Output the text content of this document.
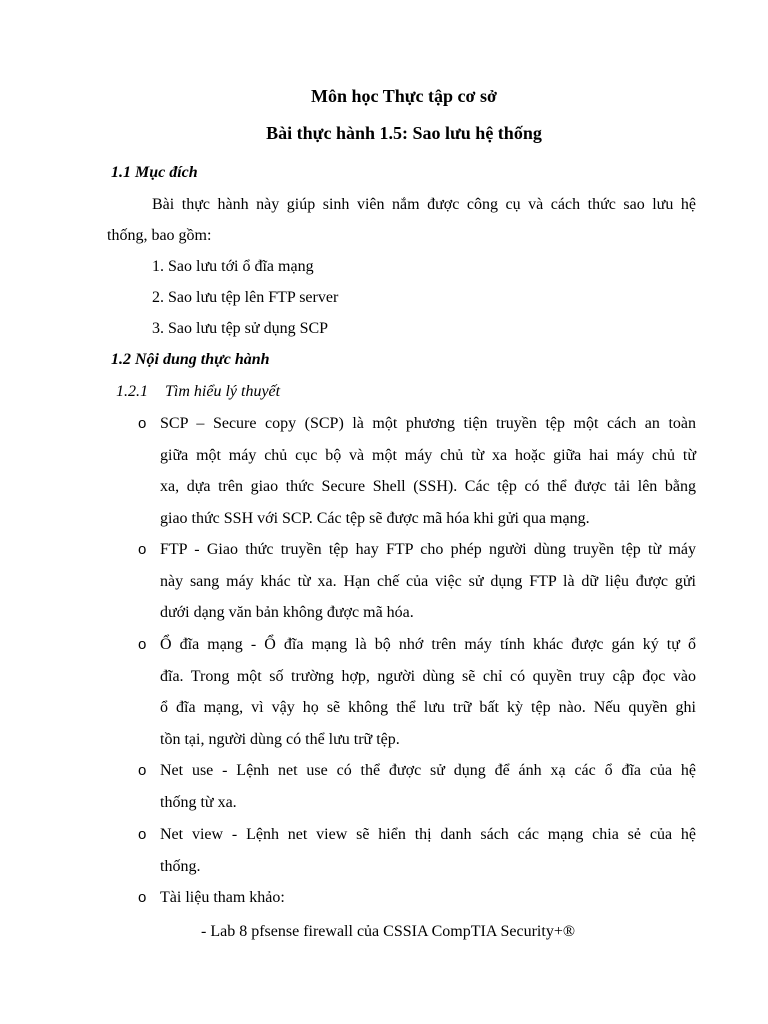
Môn học Thực tập cơ sở
Bài thực hành 1.5: Sao lưu hệ thống
1.1 Mục đích
Bài thực hành này giúp sinh viên nắm được công cụ và cách thức sao lưu hệ
thống, bao gồm:
1. Sao lưu tới ổ đĩa mạng
2. Sao lưu tệp lên FTP server
3. Sao lưu tệp sử dụng SCP
1.2 Nội dung thực hành
1.2.1 Tìm hiểu lý thuyết
o SCP – Secure copy (SCP) là một phương tiện truyền tệp một cách an toàn
giữa một máy chủ cục bộ và một máy chủ từ xa hoặc giữa hai máy chủ từ
xa, dựa trên giao thức Secure Shell (SSH). Các tệp có thể được tải lên bằng
giao thức SSH với SCP. Các tệp sẽ được mã hóa khi gửi qua mạng.
o FTP - Giao thức truyền tệp hay FTP cho phép người dùng truyền tệp từ máy
này sang máy khác từ xa. Hạn chế của việc sử dụng FTP là dữ liệu được gửi
dưới dạng văn bản không được mã hóa.
o Ổ đĩa mạng - Ổ đĩa mạng là bộ nhớ trên máy tính khác được gán ký tự ổ
đĩa. Trong một số trường hợp, người dùng sẽ chỉ có quyền truy cập đọc vào
ổ đĩa mạng, vì vậy họ sẽ không thể lưu trữ bất kỳ tệp nào. Nếu quyền ghi
tồn tại, người dùng có thể lưu trữ tệp.
o Net use - Lệnh net use có thể được sử dụng để ánh xạ các ổ đĩa của hệ
thống từ xa.
o Net view - Lệnh net view sẽ hiển thị danh sách các mạng chia sẻ của hệ
thống.
o Tài liệu tham khảo:
- Lab 8 pfsense firewall của CSSIA CompTIA Security+®
